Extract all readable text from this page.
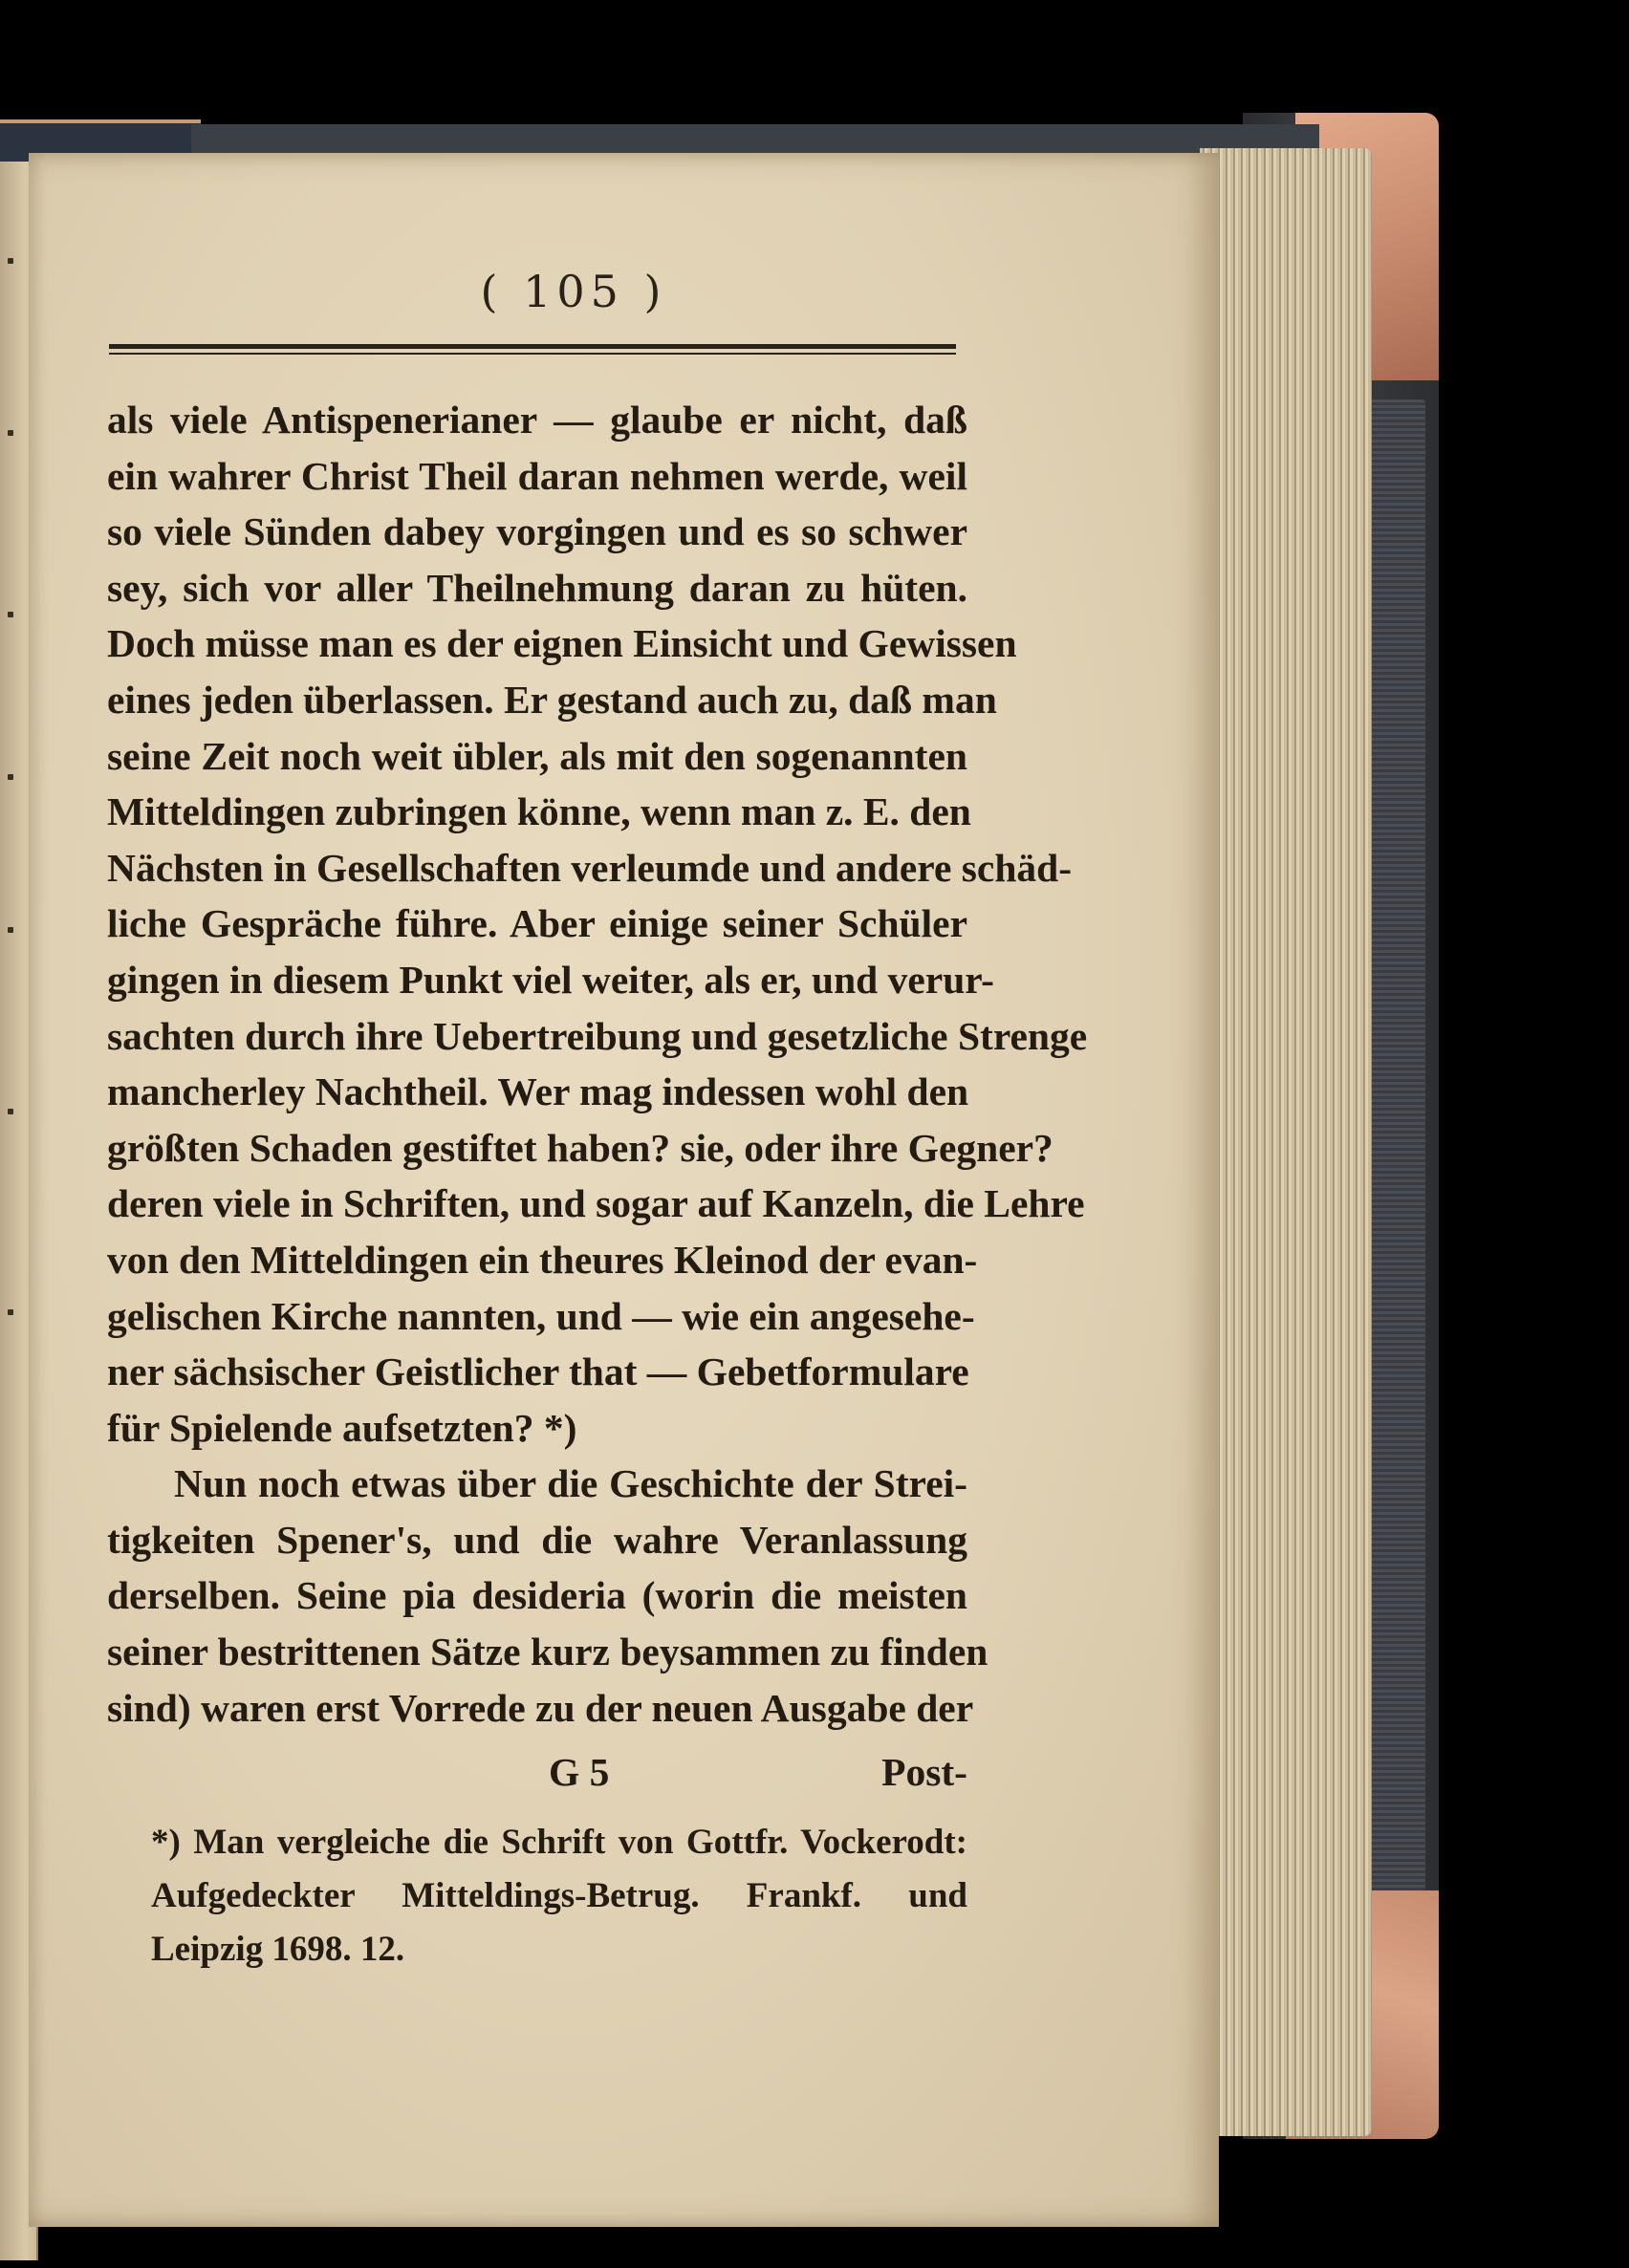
( 105 )
als viele Antispenerianer — glaube er nicht, daß
ein wahrer Christ Theil daran nehmen werde, weil
so viele Sünden dabey vorgingen und es so schwer
sey, sich vor aller Theilnehmung daran zu hüten.
Doch müsse man es der eignen Einsicht und Gewissen
eines jeden überlassen. Er gestand auch zu, daß man
seine Zeit noch weit übler, als mit den sogenannten
Mitteldingen zubringen könne, wenn man z. E. den
Nächsten in Gesellschaften verleumde und andere schäd-
liche Gespräche führe. Aber einige seiner Schüler
gingen in diesem Punkt viel weiter, als er, und verur-
sachten durch ihre Uebertreibung und gesetzliche Strenge
mancherley Nachtheil. Wer mag indessen wohl den
größten Schaden gestiftet haben? sie, oder ihre Gegner?
deren viele in Schriften, und sogar auf Kanzeln, die Lehre
von den Mitteldingen ein theures Kleinod der evan-
gelischen Kirche nannten, und — wie ein angesehe-
ner sächsischer Geistlicher that — Gebetformulare
für Spielende aufsetzten? *)
Nun noch etwas über die Geschichte der Strei-
tigkeiten Spener's, und die wahre Veranlassung
derselben. Seine pia desideria (worin die meisten
seiner bestrittenen Sätze kurz beysammen zu finden
sind) waren erst Vorrede zu der neuen Ausgabe der
G 5	Post-
*) Man vergleiche die Schrift von Gottfr. Vockerodt:
Aufgedeckter Mitteldings-Betrug. Frankf. und
Leipzig 1698. 12.
